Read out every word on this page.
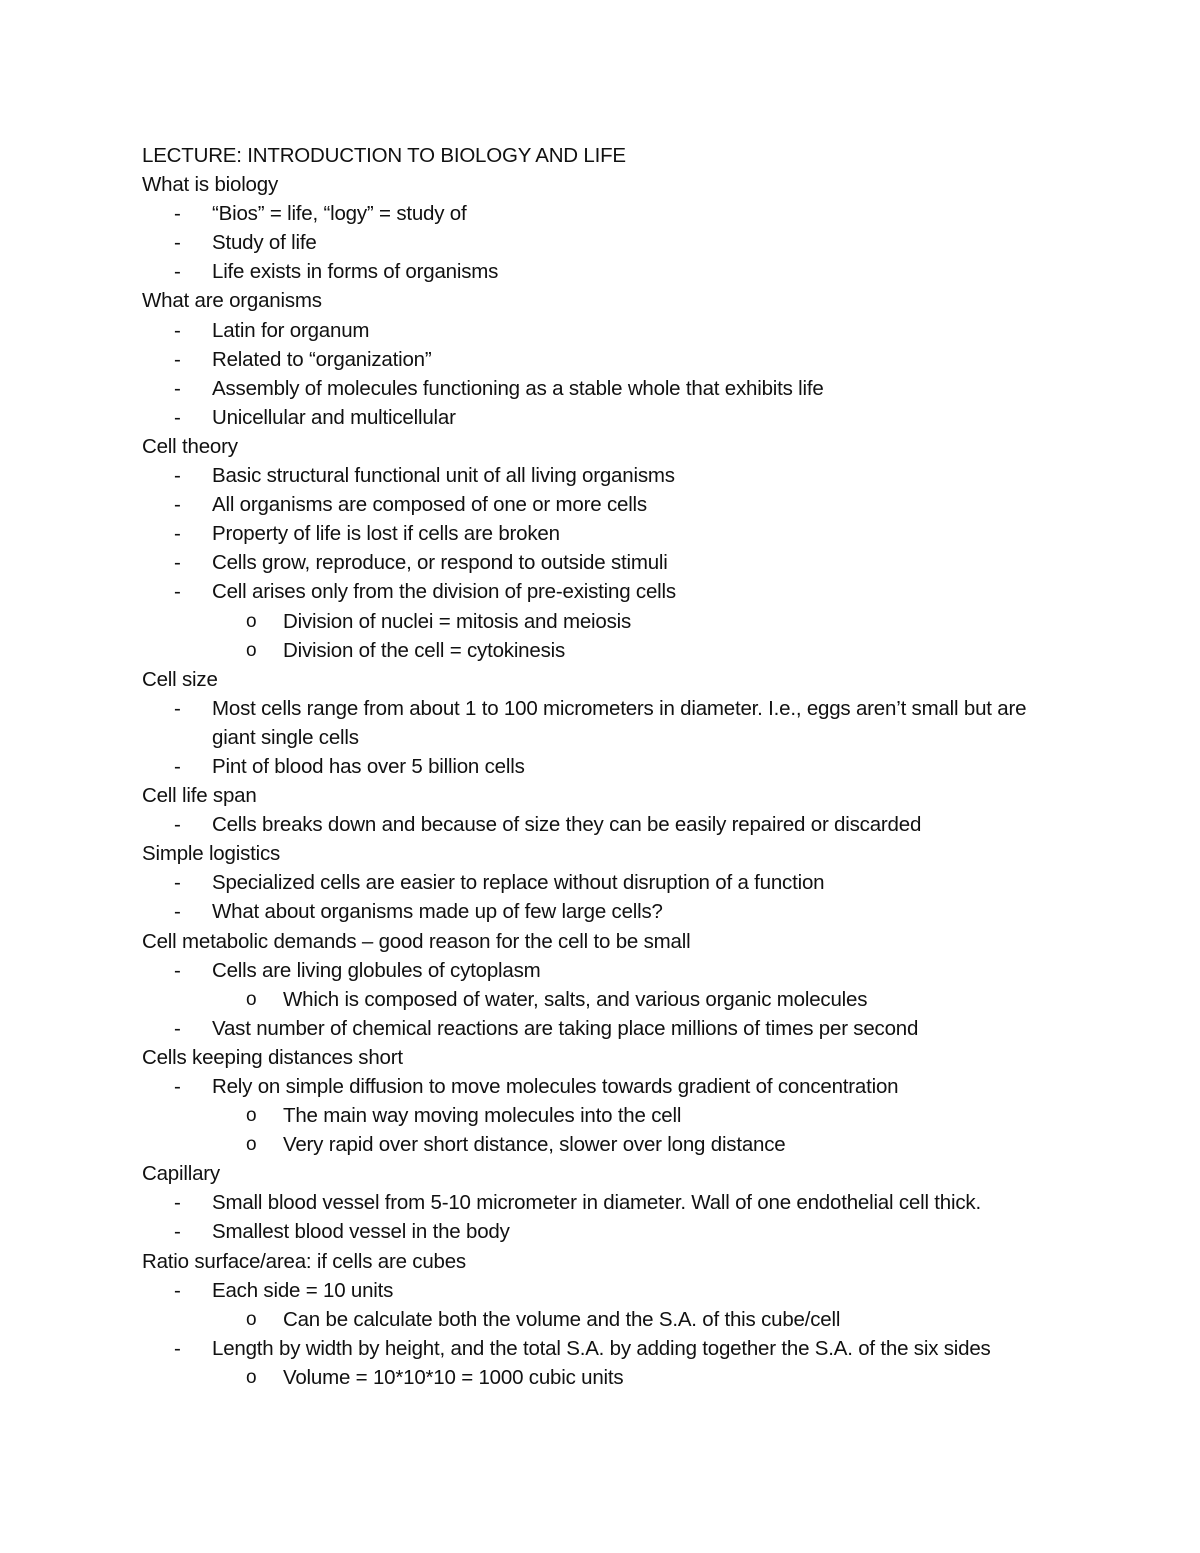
LECTURE: INTRODUCTION TO BIOLOGY AND LIFE
What is biology
- “Bios” = life, “logy” = study of
- Study of life
- Life exists in forms of organisms
What are organisms
- Latin for organum
- Related to “organization”
- Assembly of molecules functioning as a stable whole that exhibits life
- Unicellular and multicellular
Cell theory
- Basic structural functional unit of all living organisms
- All organisms are composed of one or more cells
- Property of life is lost if cells are broken
- Cells grow, reproduce, or respond to outside stimuli
- Cell arises only from the division of pre-existing cells
o Division of nuclei = mitosis and meiosis
o Division of the cell = cytokinesis
Cell size
- Most cells range from about 1 to 100 micrometers in diameter. I.e., eggs aren’t small but are giant single cells
- Pint of blood has over 5 billion cells
Cell life span
- Cells breaks down and because of size they can be easily repaired or discarded
Simple logistics
- Specialized cells are easier to replace without disruption of a function
- What about organisms made up of few large cells?
Cell metabolic demands – good reason for the cell to be small
- Cells are living globules of cytoplasm
o Which is composed of water, salts, and various organic molecules
- Vast number of chemical reactions are taking place millions of times per second
Cells keeping distances short
- Rely on simple diffusion to move molecules towards gradient of concentration
o The main way moving molecules into the cell
o Very rapid over short distance, slower over long distance
Capillary
- Small blood vessel from 5-10 micrometer in diameter. Wall of one endothelial cell thick.
- Smallest blood vessel in the body
Ratio surface/area: if cells are cubes
- Each side = 10 units
o Can be calculate both the volume and the S.A. of this cube/cell
- Length by width by height, and the total S.A. by adding together the S.A. of the six sides
o Volume = 10*10*10 = 1000 cubic units
